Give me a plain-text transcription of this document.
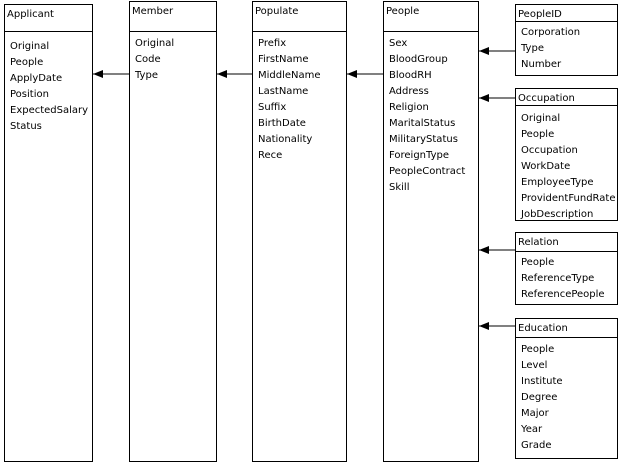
Applicant
Original
People
ApplyDate
Position
ExpectedSalary
Status
Member
Original
Code
Type
Populate
Prefix
FirstName
MiddleName
LastName
Suffix
BirthDate
Nationality
Rece
People
Sex
BloodGroup
BloodRH
Address
Religion
MaritalStatus
MilitaryStatus
ForeignType
PeopleContract
Skill
PeopleID
Corporation
Type
Number
Occupation
Original
People
Occupation
WorkDate
EmployeeType
ProvidentFundRate
JobDescription
Relation
People
ReferenceType
ReferencePeople
Education
People
Level
Institute
Degree
Major
Year
Grade
